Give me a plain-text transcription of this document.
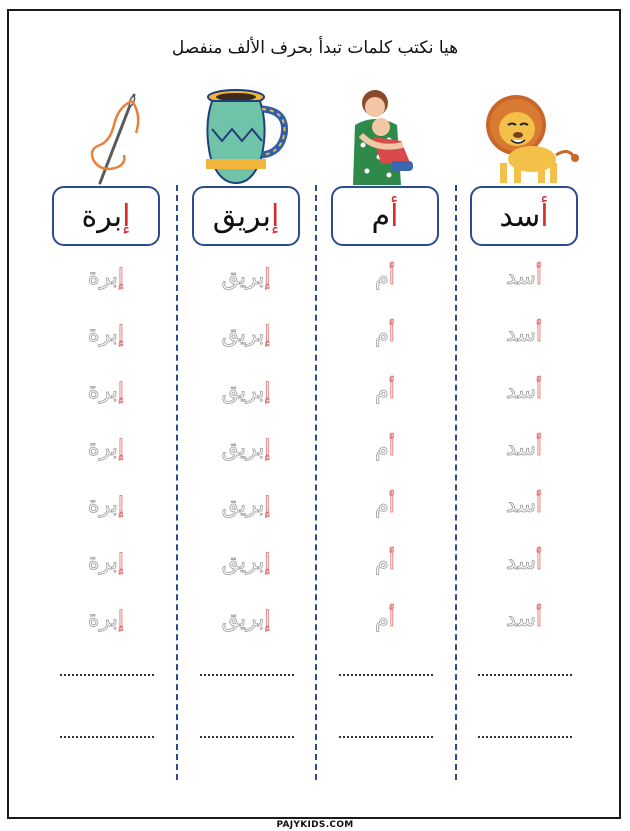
هيا نكتب كلمات تبدأ بحرف الألف منفصل
أ
سد
أسد
أسد
أسد
أسد
أسد
أسد
أسد
أ
م
أم
أم
أم
أم
أم
أم
أم
إ
بريق
إبريق
إبريق
إبريق
إبريق
إبريق
إبريق
إبريق
إ
برة
إبرة
إبرة
إبرة
إبرة
إبرة
إبرة
إبرة
PAJYKIDS.COM
